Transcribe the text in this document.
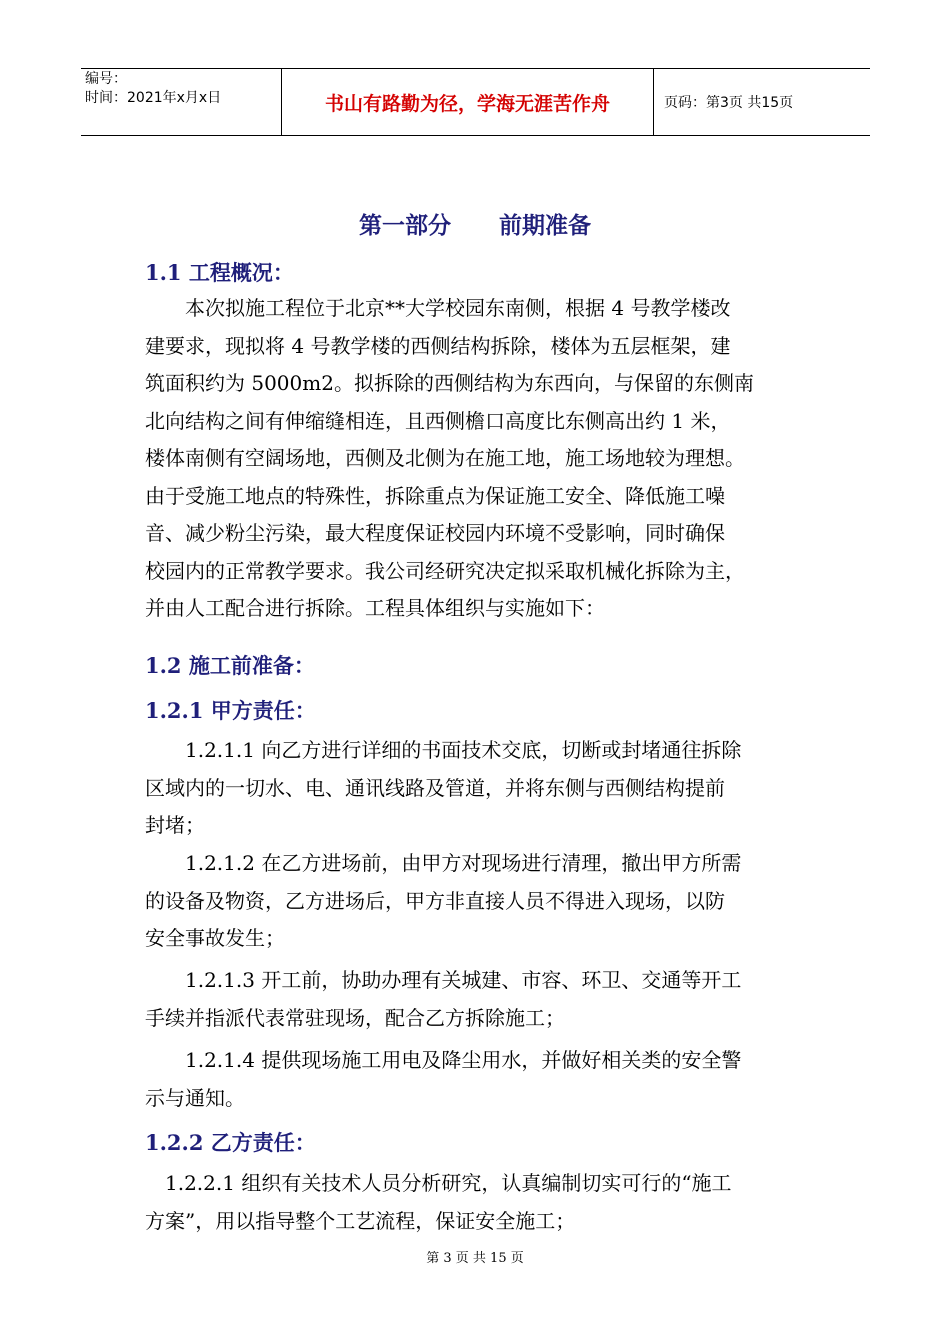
编号：
时间：2021年x月x日	书山有路勤为径，学海无涯苦作舟	页码：第3页 共15页
第一部分      前期准备
1.1 工程概况：
　　本次拟施工程位于北京**大学校园东南侧，根据 4 号教学楼改
建要求，现拟将 4 号教学楼的西侧结构拆除，楼体为五层框架，建
筑面积约为 5000m2。拟拆除的西侧结构为东西向，与保留的东侧南
北向结构之间有伸缩缝相连，且西侧檐口高度比东侧高出约 1 米，
楼体南侧有空阔场地，西侧及北侧为在施工地，施工场地较为理想。
由于受施工地点的特殊性，拆除重点为保证施工安全、降低施工噪
音、减少粉尘污染，最大程度保证校园内环境不受影响，同时确保
校园内的正常教学要求。我公司经研究决定拟采取机械化拆除为主，
并由人工配合进行拆除。工程具体组织与实施如下：
1.2 施工前准备：
1.2.1 甲方责任：
　　1.2.1.1 向乙方进行详细的书面技术交底，切断或封堵通往拆除
区域内的一切水、电、通讯线路及管道，并将东侧与西侧结构提前
封堵；
　　1.2.1.2 在乙方进场前，由甲方对现场进行清理，撤出甲方所需
的设备及物资，乙方进场后，甲方非直接人员不得进入现场，以防
安全事故发生；
　　1.2.1.3 开工前，协助办理有关城建、市容、环卫、交通等开工
手续并指派代表常驻现场，配合乙方拆除施工；
　　1.2.1.4 提供现场施工用电及降尘用水，并做好相关类的安全警
示与通知。
1.2.2 乙方责任：
　1.2.2.1 组织有关技术人员分析研究，认真编制切实可行的“施工
方案”，用以指导整个工艺流程，保证安全施工；
第 3 页 共 15 页
